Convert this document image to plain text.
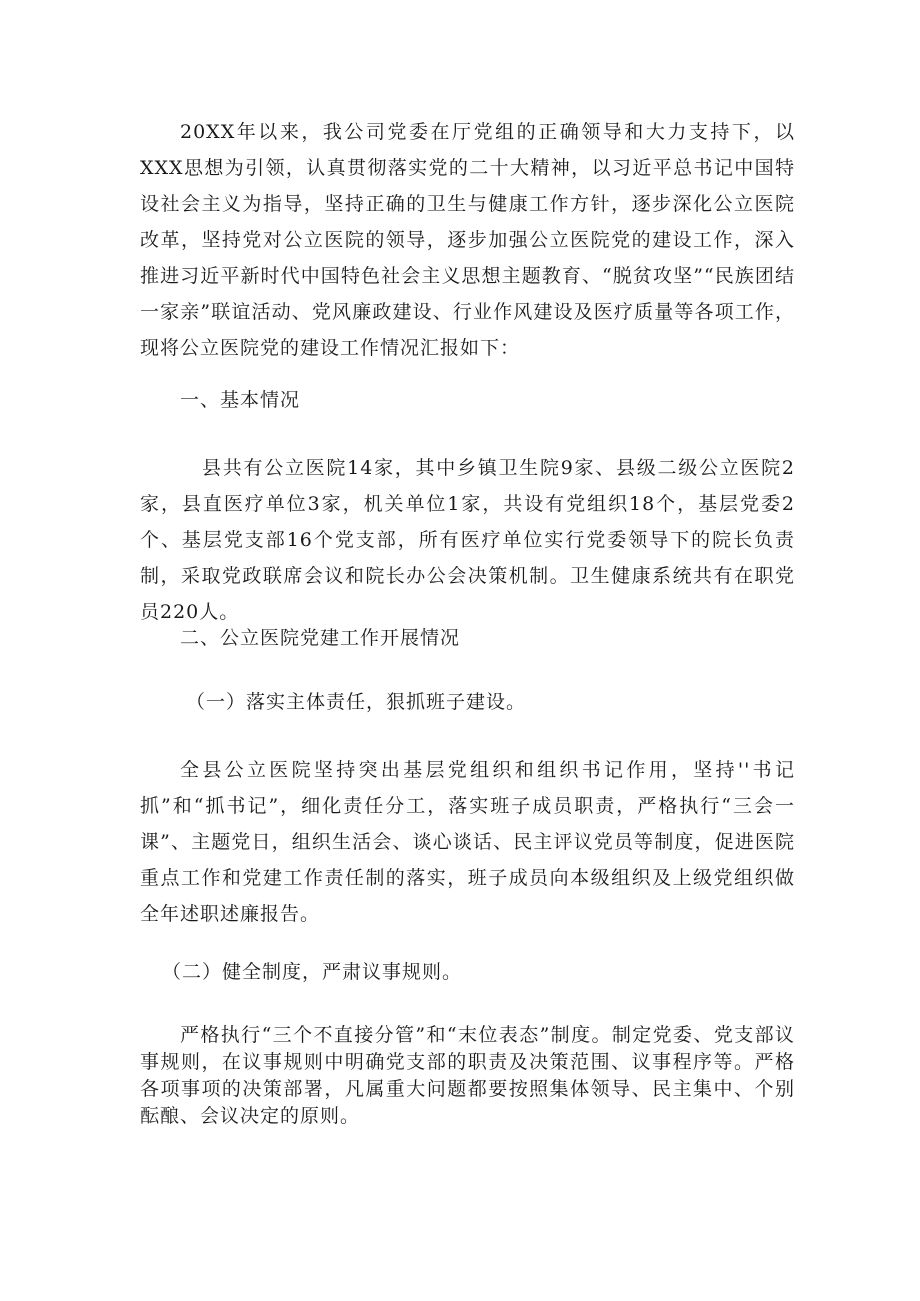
20XX年以来，我公司党委在厅党组的正确领导和大力支持下，以XXX思想为引领，认真贯彻落实党的二十大精神，以习近平总书记中国特设社会主义为指导，坚持正确的卫生与健康工作方针，逐步深化公立医院改革，坚持党对公立医院的领导，逐步加强公立医院党的建设工作，深入推进习近平新时代中国特色社会主义思想主题教育、“脱贫攻坚”“民族团结一家亲”联谊活动、党风廉政建设、行业作风建设及医疗质量等各项工作，现将公立医院党的建设工作情况汇报如下：

一、基本情况

县共有公立医院14家，其中乡镇卫生院9家、县级二级公立医院2家，县直医疗单位3家，机关单位1家，共设有党组织18个，基层党委2个、基层党支部16个党支部，所有医疗单位实行党委领导下的院长负责制，采取党政联席会议和院长办公会决策机制。卫生健康系统共有在职党员220人。

二、公立医院党建工作开展情况

（一）落实主体责任，狠抓班子建设。

全县公立医院坚持突出基层党组织和组织书记作用，坚持''书记抓”和“抓书记”，细化责任分工，落实班子成员职责，严格执行“三会一课”、主题党日，组织生活会、谈心谈话、民主评议党员等制度，促进医院重点工作和党建工作责任制的落实，班子成员向本级组织及上级党组织做全年述职述廉报告。

（二）健全制度，严肃议事规则。

严格执行“三个不直接分管”和“末位表态”制度。制定党委、党支部议事规则，在议事规则中明确党支部的职责及决策范围、议事程序等。严格各项事项的决策部署，凡属重大问题都要按照集体领导、民主集中、个别酝酿、会议决定的原则。
